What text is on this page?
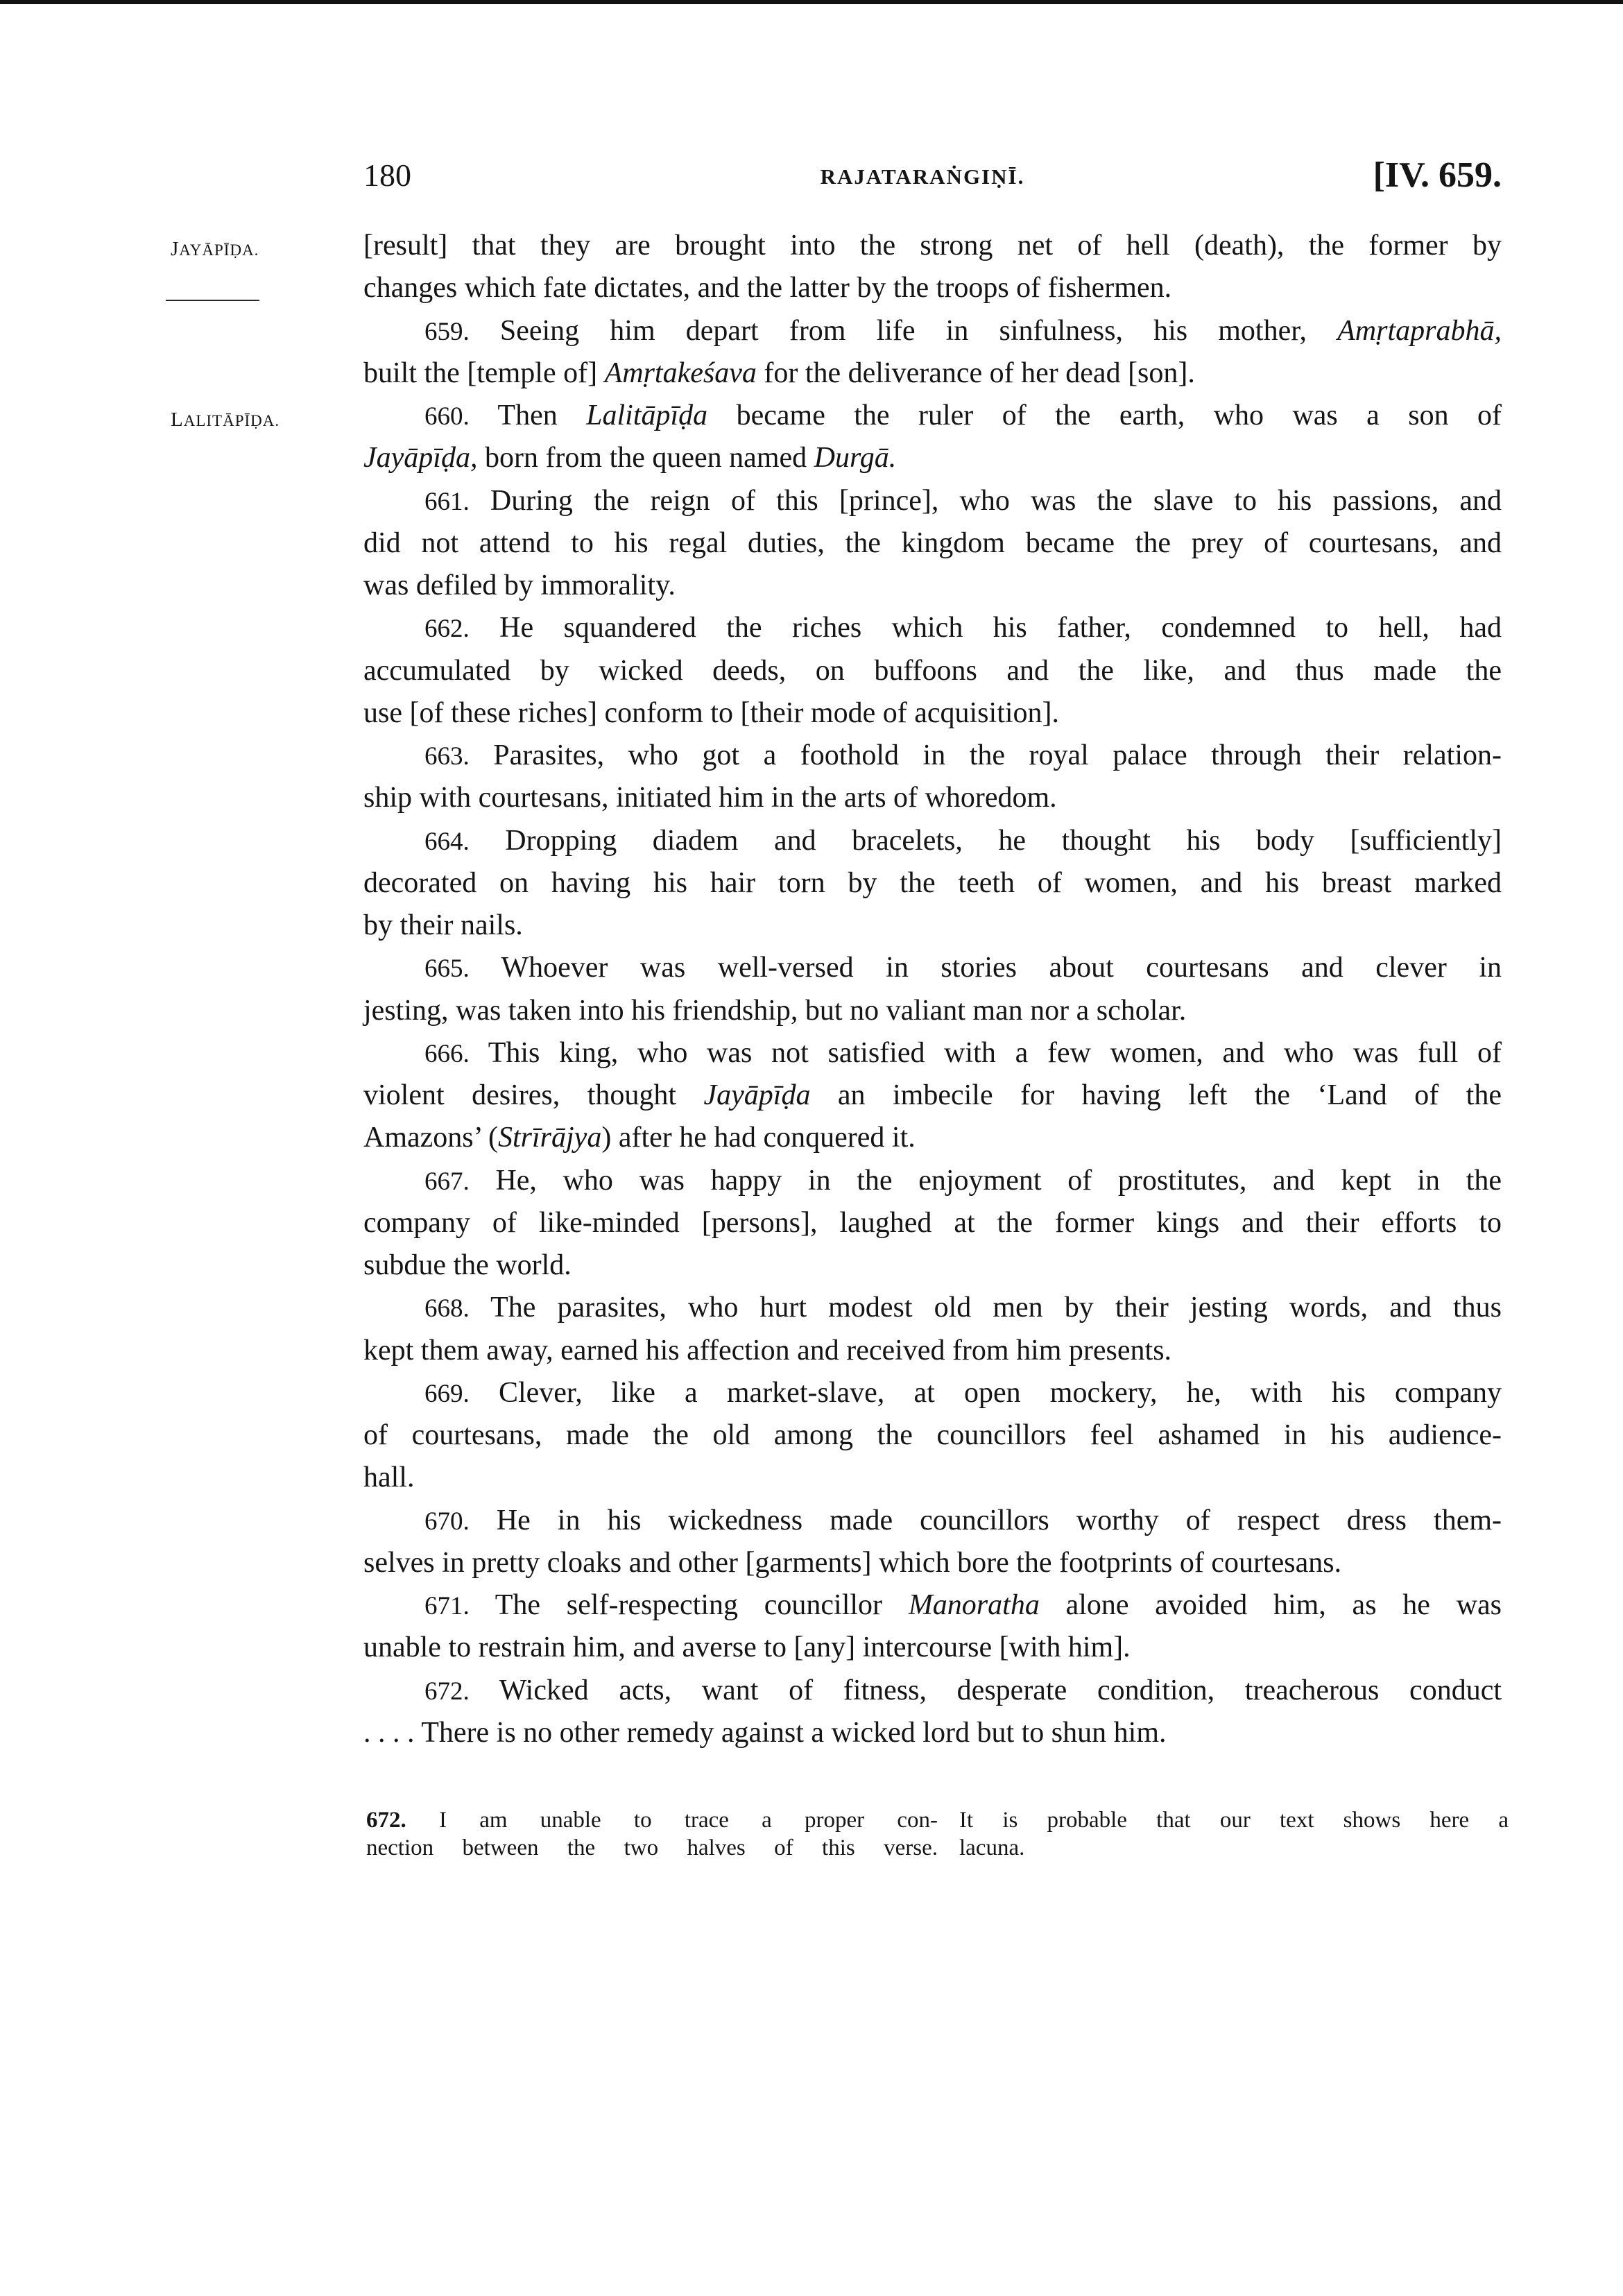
180	RAJATARAṄGIṆĪ.	[IV. 659.
JAYĀPĪḌA.
LALITĀPĪḌA.
[result] that they are brought into the strong net of hell (death), the former by
changes which fate dictates, and the latter by the troops of fishermen.
659. Seeing him depart from life in sinfulness, his mother, Amṛtaprabhā,
built the [temple of] Amṛtakeśava for the deliverance of her dead [son].
660. Then Lalitāpīḍa became the ruler of the earth, who was a son of
Jayāpīḍa, born from the queen named Durgā.
661. During the reign of this [prince], who was the slave to his passions, and
did not attend to his regal duties, the kingdom became the prey of courtesans, and
was defiled by immorality.
662. He squandered the riches which his father, condemned to hell, had
accumulated by wicked deeds, on buffoons and the like, and thus made the
use [of these riches] conform to [their mode of acquisition].
663. Parasites, who got a foothold in the royal palace through their relation-
ship with courtesans, initiated him in the arts of whoredom.
664. Dropping diadem and bracelets, he thought his body [sufficiently]
decorated on having his hair torn by the teeth of women, and his breast marked
by their nails.
665. Whoever was well-versed in stories about courtesans and clever in
jesting, was taken into his friendship, but no valiant man nor a scholar.
666. This king, who was not satisfied with a few women, and who was full of
violent desires, thought Jayāpīḍa an imbecile for having left the ‘Land of the
Amazons’ (Strīrājya) after he had conquered it.
667. He, who was happy in the enjoyment of prostitutes, and kept in the
company of like-minded [persons], laughed at the former kings and their efforts to
subdue the world.
668. The parasites, who hurt modest old men by their jesting words, and thus
kept them away, earned his affection and received from him presents.
669. Clever, like a market-slave, at open mockery, he, with his company
of courtesans, made the old among the councillors feel ashamed in his audience-
hall.
670. He in his wickedness made councillors worthy of respect dress them-
selves in pretty cloaks and other [garments] which bore the footprints of courtesans.
671. The self-respecting councillor Manoratha alone avoided him, as he was
unable to restrain him, and averse to [any] intercourse [with him].
672. Wicked acts, want of fitness, desperate condition, treacherous conduct
. . . . There is no other remedy against a wicked lord but to shun him.
672. I am unable to trace a proper con-
nection between the two halves of this verse.
It is probable that our text shows here a
lacuna.
